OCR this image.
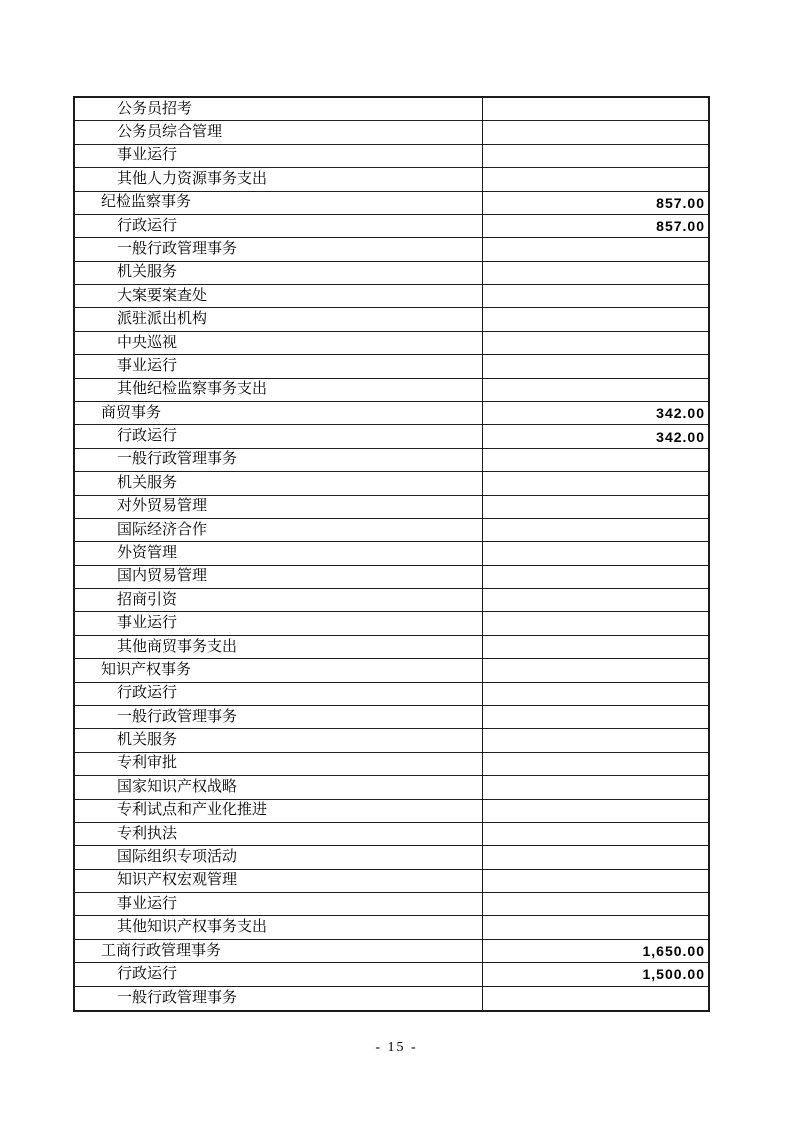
公务员招考
公务员综合管理
事业运行
其他人力资源事务支出
纪检监察事务	857.00
行政运行	857.00
一般行政管理事务
机关服务
大案要案查处
派驻派出机构
中央巡视
事业运行
其他纪检监察事务支出
商贸事务	342.00
行政运行	342.00
一般行政管理事务
机关服务
对外贸易管理
国际经济合作
外资管理
国内贸易管理
招商引资
事业运行
其他商贸事务支出
知识产权事务
行政运行
一般行政管理事务
机关服务
专利审批
国家知识产权战略
专利试点和产业化推进
专利执法
国际组织专项活动
知识产权宏观管理
事业运行
其他知识产权事务支出
工商行政管理事务	1,650.00
行政运行	1,500.00
一般行政管理事务
- 15 -
